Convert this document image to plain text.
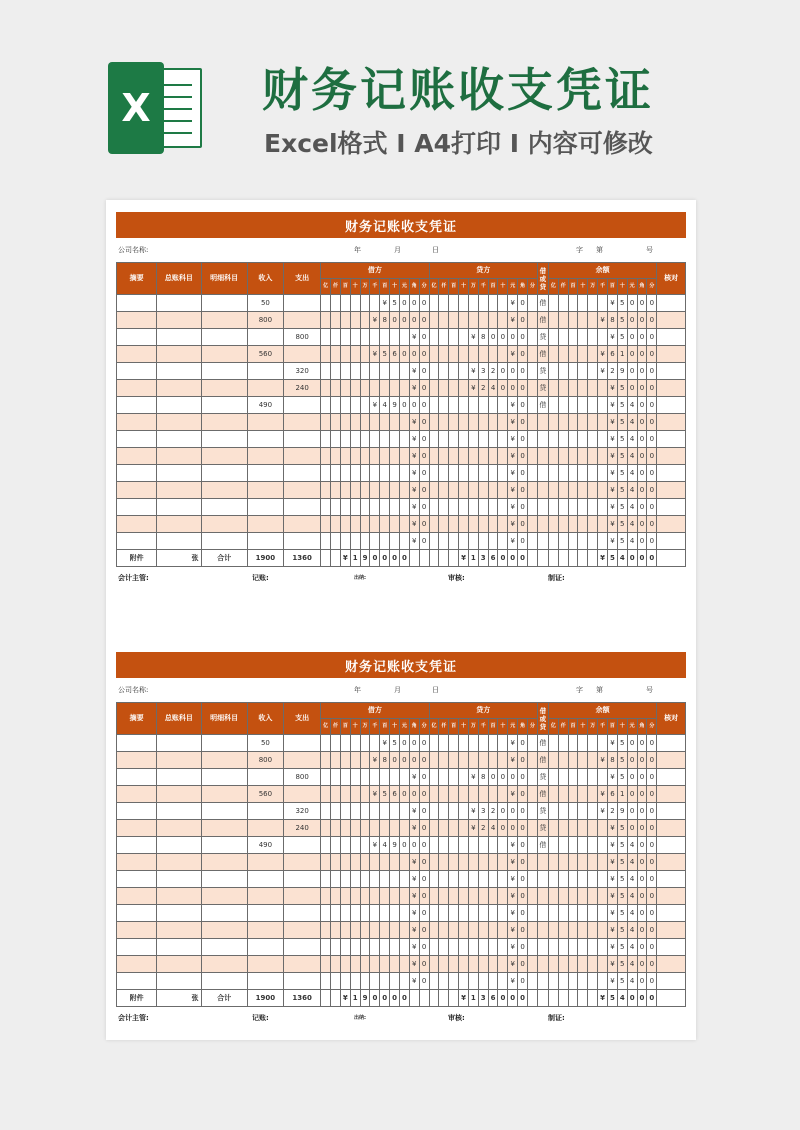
X 财务记账收支凭证
Excel格式 I A4打印 I 内容可修改
财务记账收支凭证
公司名称:	年	月	日	字 第	号
摘要	总账科目	明细科目	收入	支出	借方											贷方											借或贷	余额											核对
					亿	仟	百	十	万	千	百	十	元	角	分	亿	仟	百	十	万	千	百	十	元	角	分		亿	仟	百	十	万	千	百	十	元	角	分	
			50								¥	5	0	0	0									¥	0		借							¥	5	0	0	0	
			800							¥	8	0	0	0	0									¥	0		借						¥	8	5	0	0	0	
				800										¥	0					¥	8	0	0	0	0		贷							¥	5	0	0	0	
			560							¥	5	6	0	0	0									¥	0		借						¥	6	1	0	0	0	
				320										¥	0					¥	3	2	0	0	0		贷						¥	2	9	0	0	0	
				240										¥	0					¥	2	4	0	0	0		贷							¥	5	0	0	0	
			490							¥	4	9	0	0	0									¥	0		借							¥	5	4	0	0	
														¥	0									¥	0									¥	5	4	0	0	
														¥	0									¥	0									¥	5	4	0	0	
														¥	0									¥	0									¥	5	4	0	0	
														¥	0									¥	0									¥	5	4	0	0	
														¥	0									¥	0									¥	5	4	0	0	
														¥	0									¥	0									¥	5	4	0	0	
														¥	0									¥	0									¥	5	4	0	0	
														¥	0									¥	0									¥	5	4	0	0	
附件	张	合计	1900	1360			¥	1	9	0	0	0	0						¥	1	3	6	0	0	0								¥	5	4	0	0	0	
会计主管:	记账:	出纳:	审核:	制证:
财务记账收支凭证
公司名称:	年	月	日	字 第	号
摘要	总账科目	明细科目	收入	支出	借方											贷方											借或贷	余额											核对
					亿	仟	百	十	万	千	百	十	元	角	分	亿	仟	百	十	万	千	百	十	元	角	分		亿	仟	百	十	万	千	百	十	元	角	分	
			50								¥	5	0	0	0									¥	0		借							¥	5	0	0	0	
			800							¥	8	0	0	0	0									¥	0		借						¥	8	5	0	0	0	
				800										¥	0					¥	8	0	0	0	0		贷							¥	5	0	0	0	
			560							¥	5	6	0	0	0									¥	0		借						¥	6	1	0	0	0	
				320										¥	0					¥	3	2	0	0	0		贷						¥	2	9	0	0	0	
				240										¥	0					¥	2	4	0	0	0		贷							¥	5	0	0	0	
			490							¥	4	9	0	0	0									¥	0		借							¥	5	4	0	0	
														¥	0									¥	0									¥	5	4	0	0	
														¥	0									¥	0									¥	5	4	0	0	
														¥	0									¥	0									¥	5	4	0	0	
														¥	0									¥	0									¥	5	4	0	0	
														¥	0									¥	0									¥	5	4	0	0	
														¥	0									¥	0									¥	5	4	0	0	
														¥	0									¥	0									¥	5	4	0	0	
														¥	0									¥	0									¥	5	4	0	0	
附件	张	合计	1900	1360			¥	1	9	0	0	0	0						¥	1	3	6	0	0	0								¥	5	4	0	0	0	
会计主管:	记账:	出纳:	审核:	制证:
